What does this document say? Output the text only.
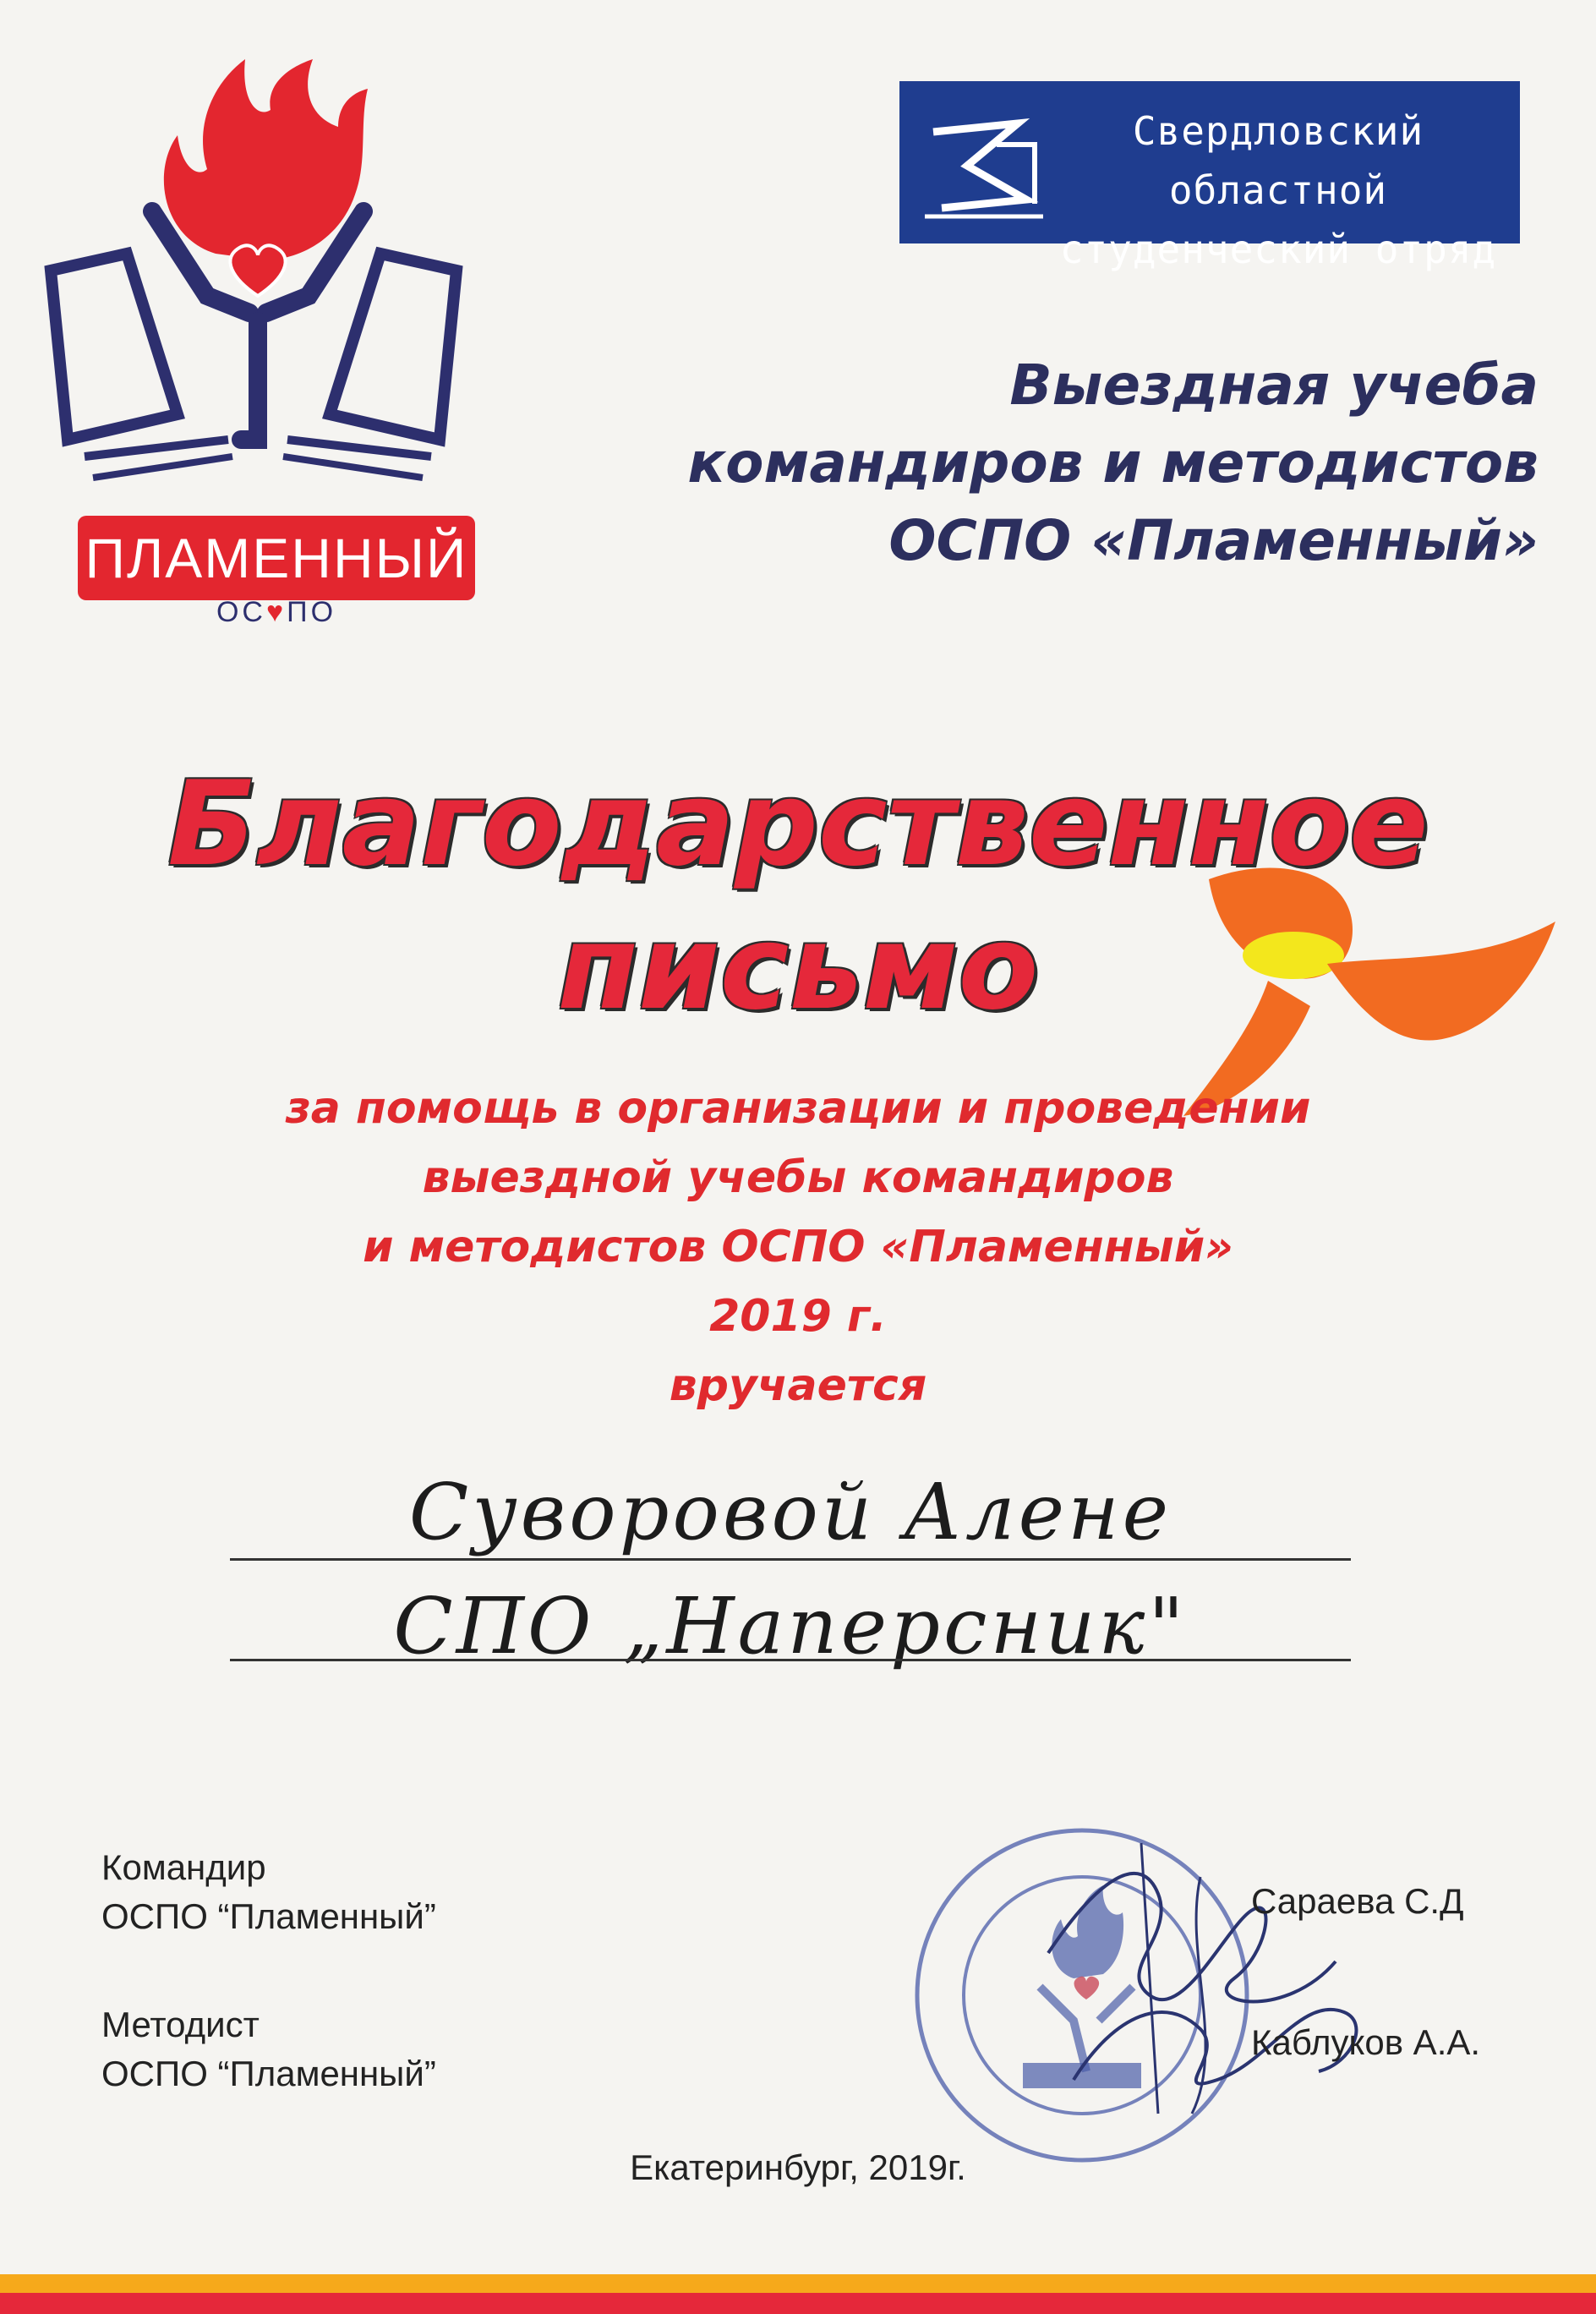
ПЛАМЕННЫЙ
ОС♥ПО
Свердловский областной
студенческий отряд
Выездная учеба
командиров и методистов
ОСПО «Пламенный»
Благодарственное
письмо
за помощь в организации и проведении
выездной учебы командиров
и методистов ОСПО «Пламенный»
2019 г.
вручается
Суворовой Алене
СПО „Наперсник"
Командир
ОСПО “Пламенный”
Методист
ОСПО “Пламенный”
Сараева С.Д
Каблуков А.А.
Екатеринбург, 2019г.
